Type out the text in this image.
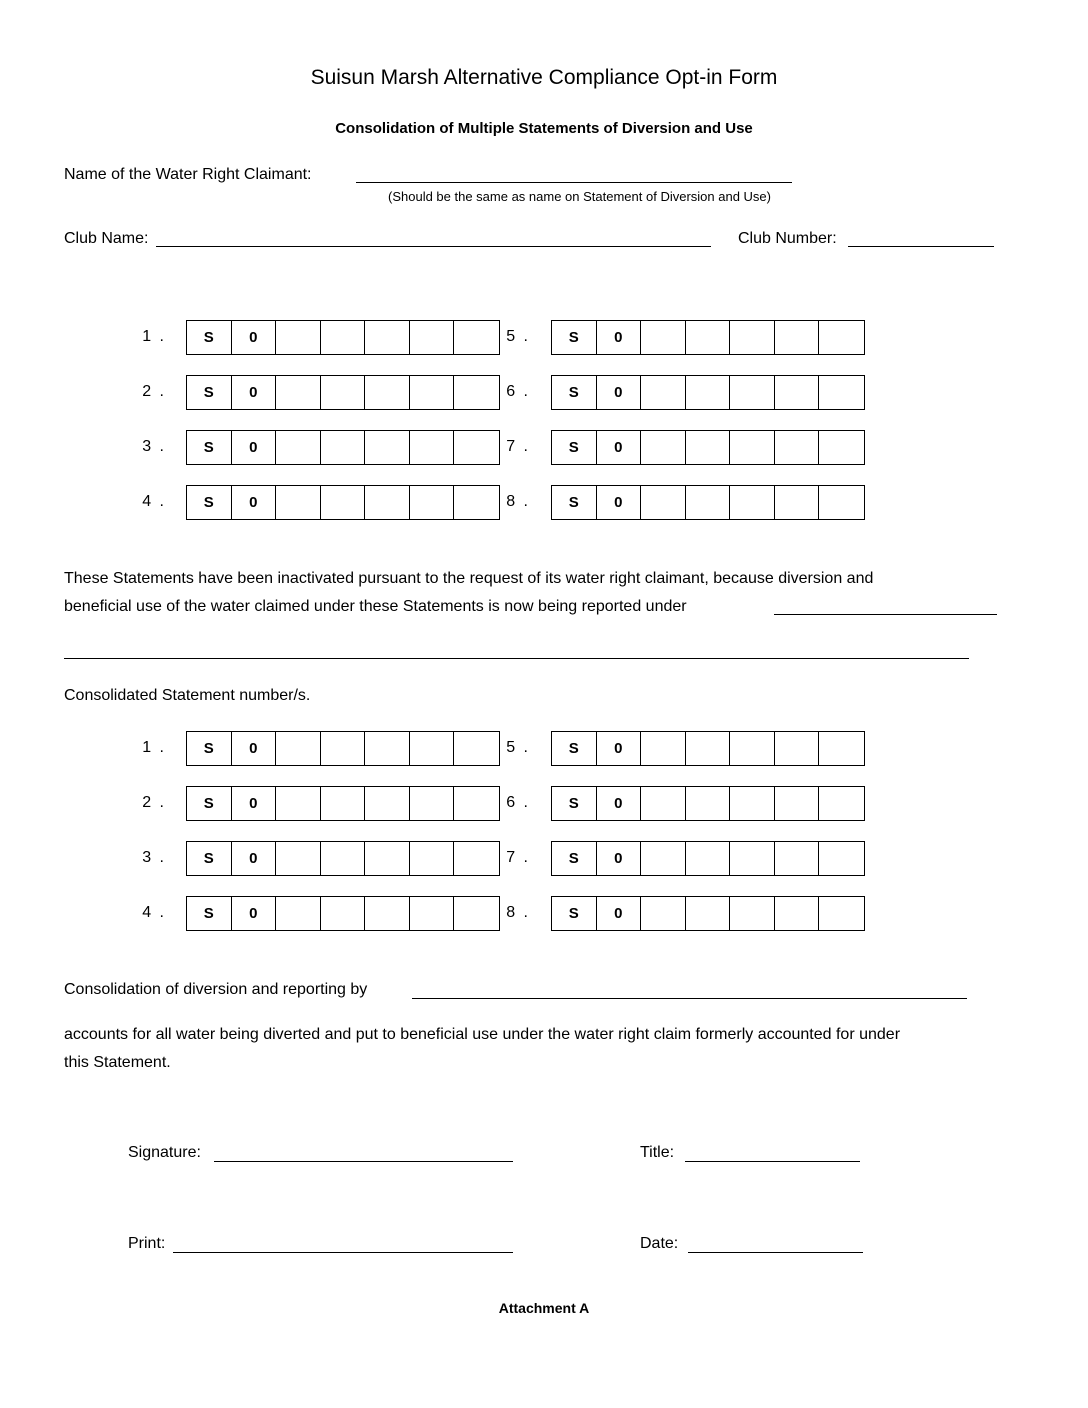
Suisun Marsh Alternative Compliance Opt-in Form
Consolidation of Multiple Statements of Diversion and Use
Name of the Water Right Claimant:
(Should be the same as name on Statement of Diversion and Use)
Club Name:	Club Number:
1 .	S	0
2 .	S	0
3 .	S	0
4 .	S	0
5 .	S	0
6 .	S	0
7 .	S	0
8 .	S	0
These Statements have been inactivated pursuant to the request of its water right claimant, because diversion and
beneficial use of the water claimed under these Statements is now being reported under
Consolidated Statement number/s.
1 .	S	0
2 .	S	0
3 .	S	0
4 .	S	0
5 .	S	0
6 .	S	0
7 .	S	0
8 .	S	0
Consolidation of diversion and reporting by
accounts for all water being diverted and put to beneficial use under the water right claim formerly accounted for under
this Statement.
Signature:	Title:
Print:	Date:
Attachment A
